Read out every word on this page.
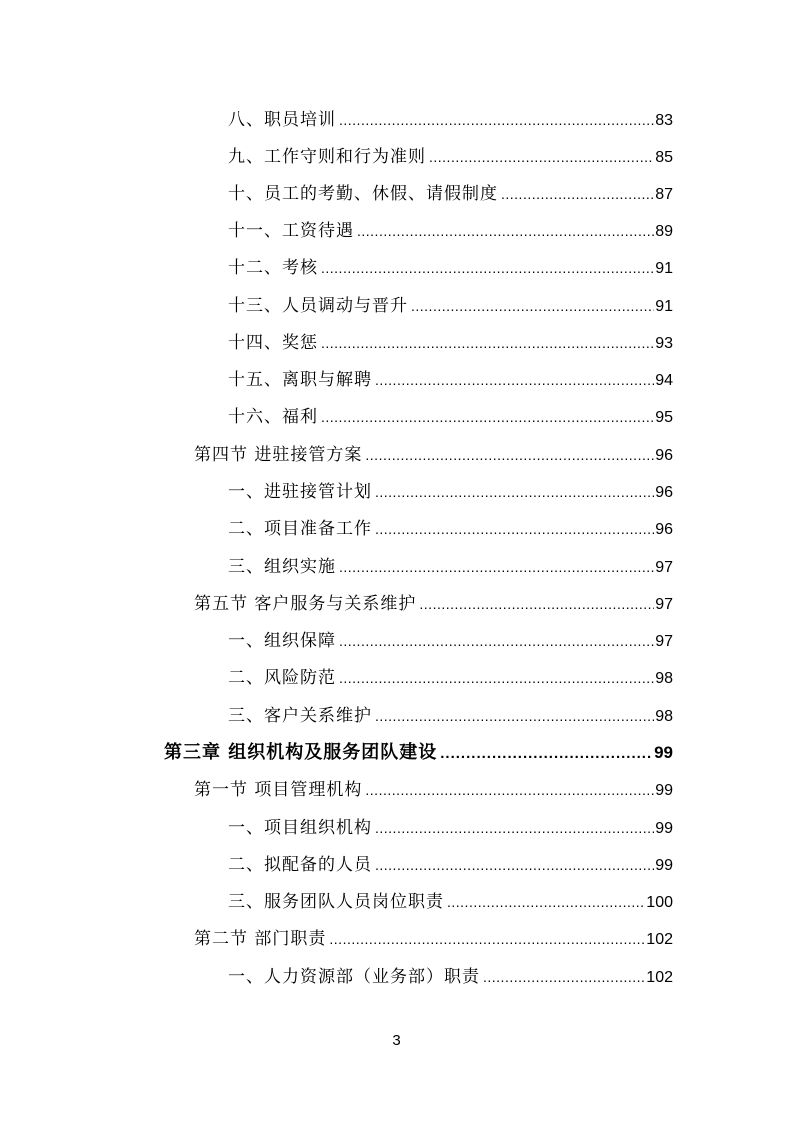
八、职员培训 .....	83
九、工作守则和行为准则 .....	85
十、员工的考勤、休假、请假制度 .....	87
十一、工资待遇 .....	89
十二、考核 .....	91
十三、人员调动与晋升 .....	91
十四、奖惩 .....	93
十五、离职与解聘 .....	94
十六、福利 .....	95
第四节 进驻接管方案 .....	96
一、进驻接管计划 .....	96
二、项目准备工作 .....	96
三、组织实施 .....	97
第五节 客户服务与关系维护 .....	97
一、组织保障 .....	97
二、风险防范 .....	98
三、客户关系维护 .....	98
第三章 组织机构及服务团队建设 .....	99
第一节 项目管理机构 .....	99
一、项目组织机构 .....	99
二、拟配备的人员 .....	99
三、服务团队人员岗位职责 .....	100
第二节 部门职责 .....	102
一、人力资源部（业务部）职责 .....	102
3
